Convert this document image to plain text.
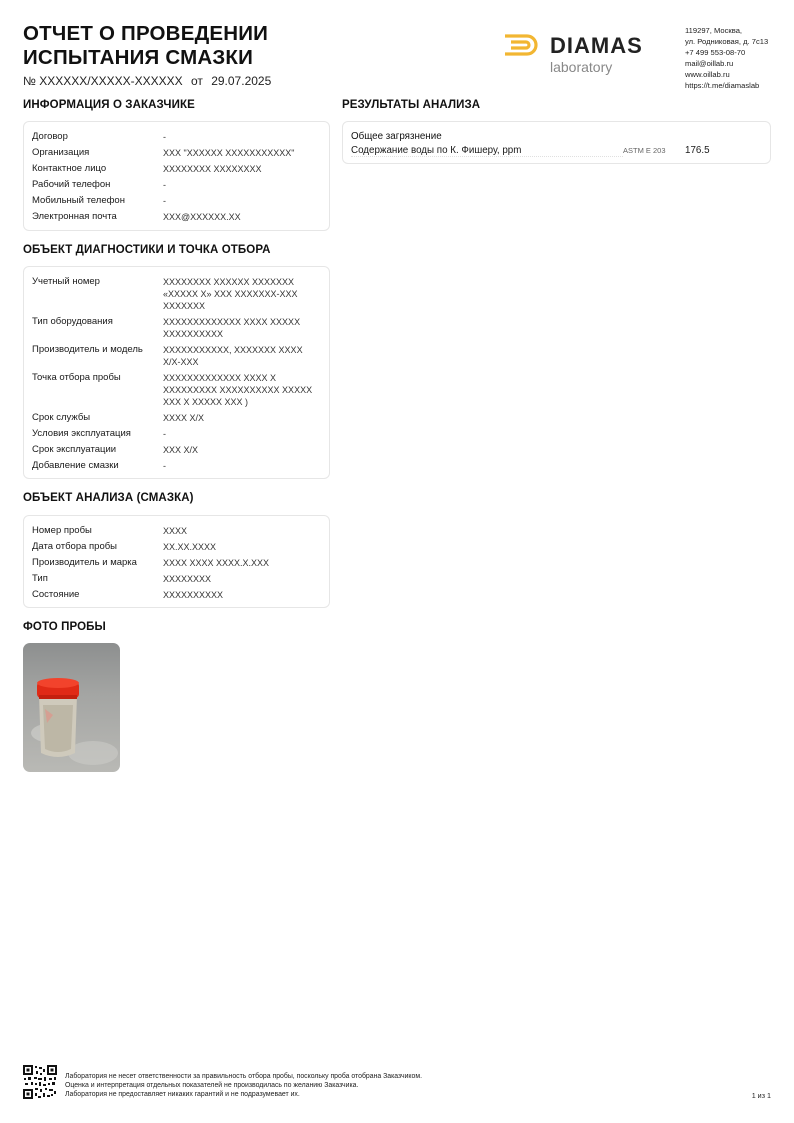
ОТЧЕТ О ПРОВЕДЕНИИ
ИСПЫТАНИЯ СМАЗКИ
№ XXXXXX/XXXXX-XXXXXX от 29.07.2025
DIAMAS
laboratory
119297, Москва,
ул. Родниковая, д. 7с13
+7 499 553-08-70
mail@oillab.ru
www.oillab.ru
https://t.me/diamaslab
ИНФОРМАЦИЯ О ЗАКАЗЧИКЕ
Договор	-
Организация	XXX "XXXXXX XXXXXXXXXXX"
Контактное лицо	XXXXXXXX XXXXXXXX
Рабочий телефон	-
Мобильный телефон	-
Электронная почта	XXX@XXXXXX.XX
ОБЪЕКТ ДИАГНОСТИКИ И ТОЧКА ОТБОРА
Учетный номер	XXXXXXXX XXXXXX XXXXXXX «XXXXX X» XXX XXXXXXX-XXX XXXXXXX
Тип оборудования	XXXXXXXXXXXXX XXXX XXXXX XXXXXXXXXX
Производитель и модель	XXXXXXXXXXX, XXXXXXX XXXX X/X-XXX
Точка отбора пробы	XXXXXXXXXXXXX XXXX X XXXXXXXXX XXXXXXXXXX XXXXX XXX X XXXXX XXX )
Срок службы	XXXX X/X
Условия эксплуатация	-
Срок эксплуатации	XXX X/X
Добавление смазки	-
ОБЪЕКТ АНАЛИЗА (СМАЗКА)
Номер пробы	XXXX
Дата отбора пробы	XX.XX.XXXX
Производитель и марка	XXXX XXXX XXXX.X.XXX
Тип	XXXXXXXX
Состояние	XXXXXXXXXX
ФОТО ПРОБЫ
РЕЗУЛЬТАТЫ АНАЛИЗА
Общее загрязнение
Содержание воды по К. Фишеру, ppm	ASTM E 203	176.5
Лаборатория не несет ответственности за правильность отбора пробы, поскольку проба отобрана Заказчиком.
Оценка и интерпретация отдельных показателей не производилась по желанию Заказчика.
Лаборатория не предоставляет никаких гарантий и не подразумевает их.	1 из 1
